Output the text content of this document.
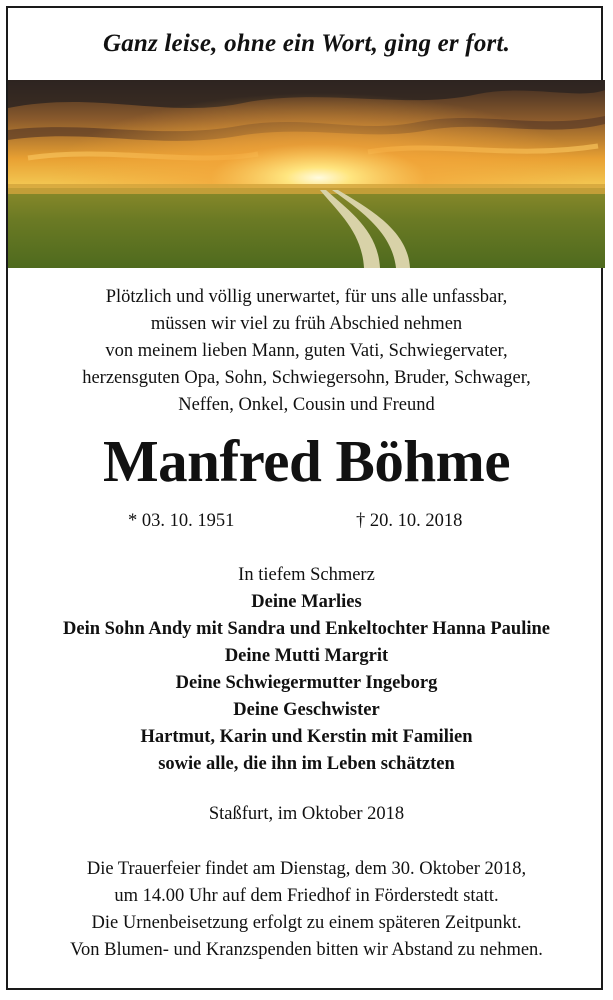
Ganz leise, ohne ein Wort, ging er fort.
Plötzlich und völlig unerwartet, für uns alle unfassbar,
müssen wir viel zu früh Abschied nehmen
von meinem lieben Mann, guten Vati, Schwiegervater,
herzensguten Opa, Sohn, Schwiegersohn, Bruder, Schwager,
Neffen, Onkel, Cousin und Freund
Manfred Böhme
* 03. 10. 1951	† 20. 10. 2018
In tiefem Schmerz
Deine Marlies
Dein Sohn Andy mit Sandra und Enkeltochter Hanna Pauline
Deine Mutti Margrit
Deine Schwiegermutter Ingeborg
Deine Geschwister
Hartmut, Karin und Kerstin mit Familien
sowie alle, die ihn im Leben schätzten
Staßfurt, im Oktober 2018
Die Trauerfeier findet am Dienstag, dem 30. Oktober 2018,
um 14.00 Uhr auf dem Friedhof in Förderstedt statt.
Die Urnenbeisetzung erfolgt zu einem späteren Zeitpunkt.
Von Blumen- und Kranzspenden bitten wir Abstand zu nehmen.
